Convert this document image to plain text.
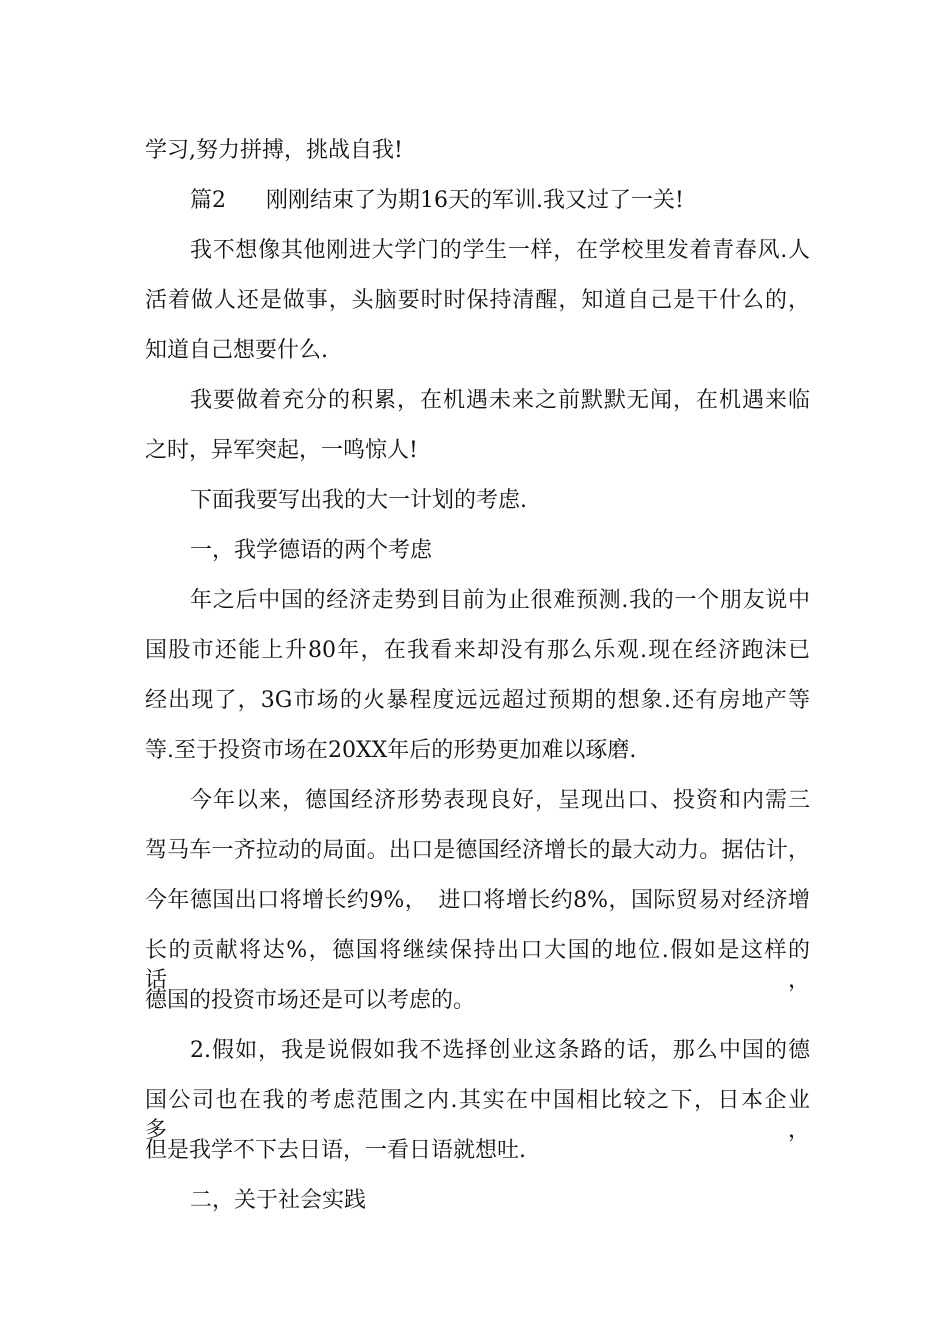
学习,努力拼搏，挑战自我!
篇2 刚刚结束了为期16天的军训.我又过了一关!
我不想像其他刚进大学门的学生一样，在学校里发着青春风.人
活着做人还是做事，头脑要时时保持清醒，知道自己是干什么的，
知道自己想要什么.
我要做着充分的积累，在机遇未来之前默默无闻，在机遇来临
之时，异军突起，一鸣惊人!
下面我要写出我的大一计划的考虑.
一，我学德语的两个考虑
年之后中国的经济走势到目前为止很难预测.我的一个朋友说中
国股市还能上升80年，在我看来却没有那么乐观.现在经济跑沫已
经出现了，3G市场的火暴程度远远超过预期的想象.还有房地产等
等.至于投资市场在20XX年后的形势更加难以琢磨.
今年以来，德国经济形势表现良好，呈现出口、投资和内需三
驾马车一齐拉动的局面。出口是德国经济增长的最大动力。据估计，
今年德国出口将增长约9%，　进口将增长约8%，国际贸易对经济增
长的贡献将达%，德国将继续保持出口大国的地位.假如是这样的话，
德国的投资市场还是可以考虑的。
2.假如，我是说假如我不选择创业这条路的话，那么中国的德
国公司也在我的考虑范围之内.其实在中国相比较之下，日本企业多，
但是我学不下去日语，一看日语就想吐.
二，关于社会实践
